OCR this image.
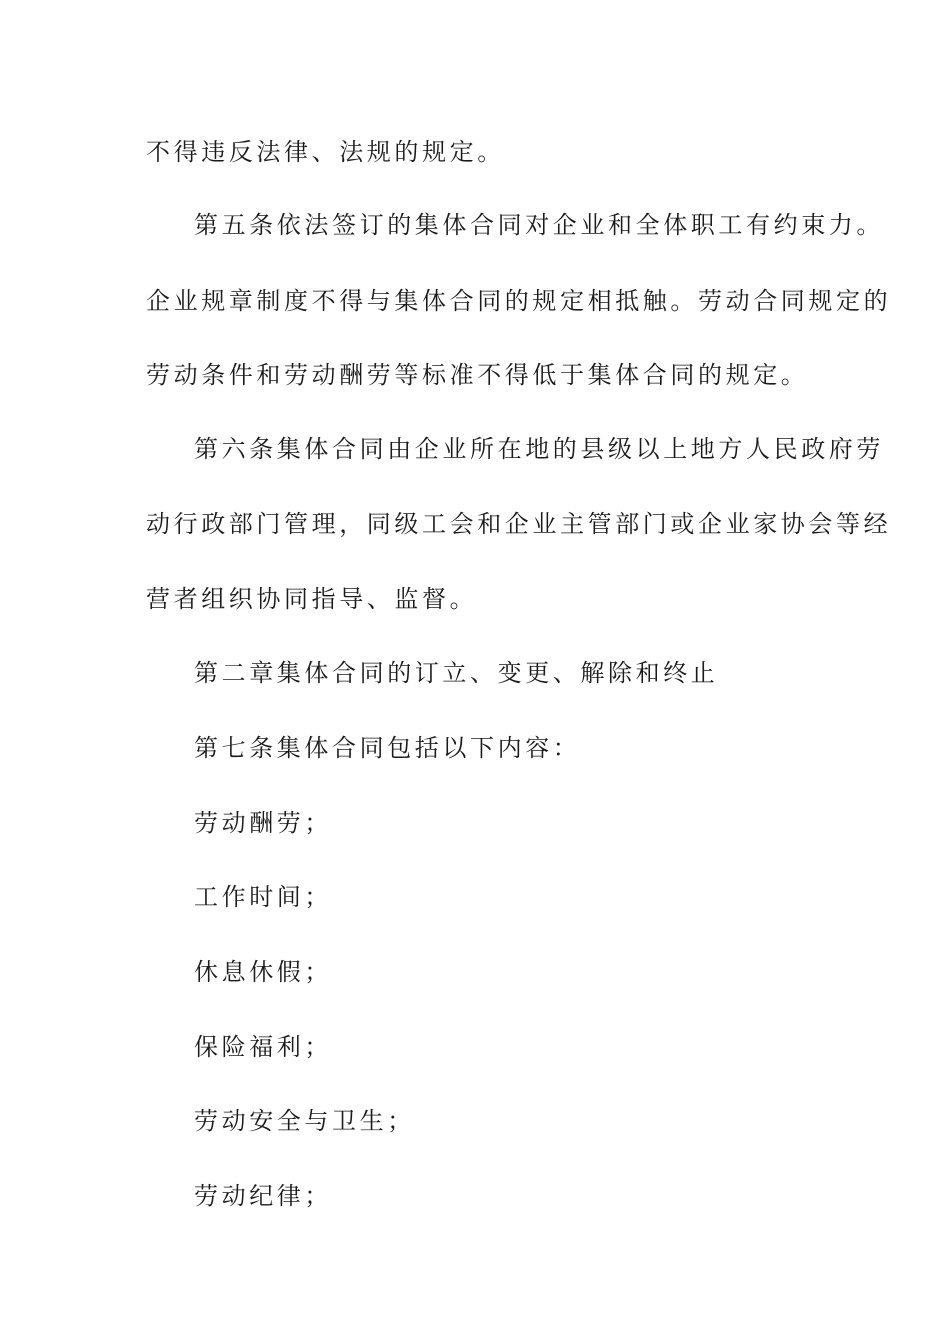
不得违反法律、法规的规定。
第五条依法签订的集体合同对企业和全体职工有约束力。
企业规章制度不得与集体合同的规定相抵触。劳动合同规定的
劳动条件和劳动酬劳等标准不得低于集体合同的规定。
第六条集体合同由企业所在地的县级以上地方人民政府劳
动行政部门管理，同级工会和企业主管部门或企业家协会等经
营者组织协同指导、监督。
第二章集体合同的订立、变更、解除和终止
第七条集体合同包括以下内容：
劳动酬劳；
工作时间；
休息休假；
保险福利；
劳动安全与卫生；
劳动纪律；
